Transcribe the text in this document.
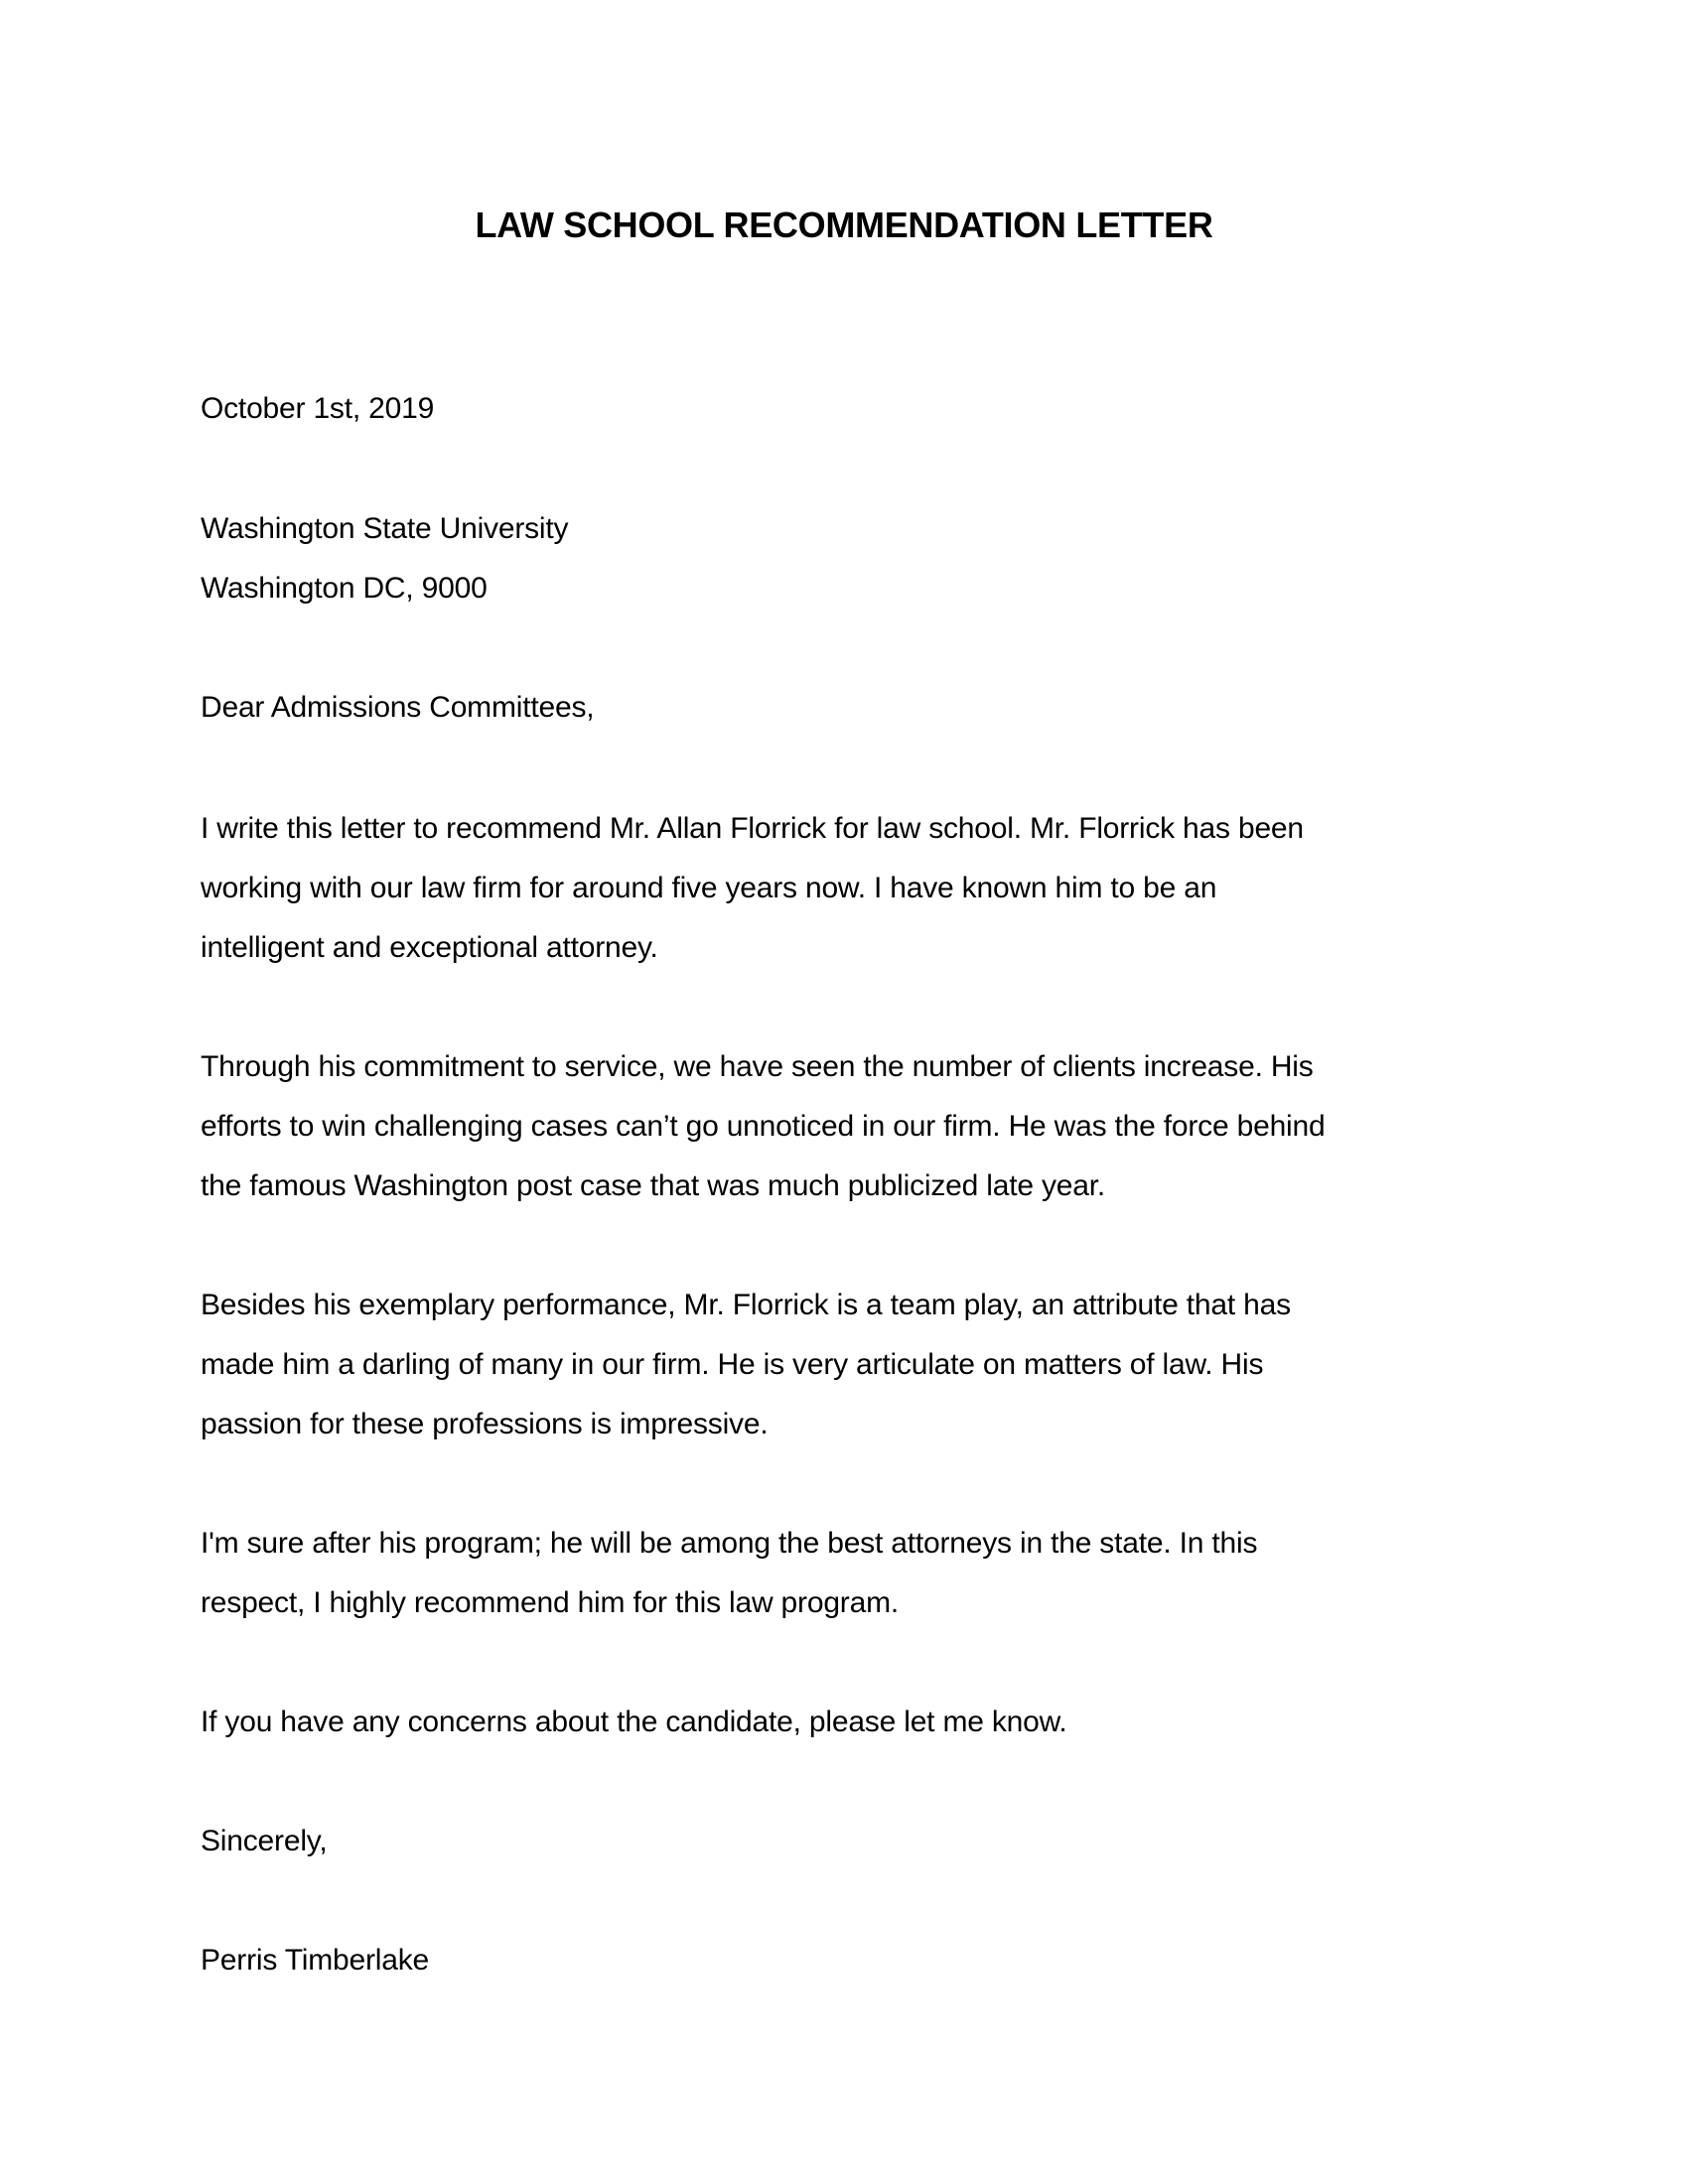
LAW SCHOOL RECOMMENDATION LETTER
October 1st, 2019
Washington State University
Washington DC, 9000
Dear Admissions Committees,
I write this letter to recommend Mr. Allan Florrick for law school. Mr. Florrick has been
working with our law firm for around five years now. I have known him to be an
intelligent and exceptional attorney.
Through his commitment to service, we have seen the number of clients increase. His
efforts to win challenging cases can’t go unnoticed in our firm. He was the force behind
the famous Washington post case that was much publicized late year.
Besides his exemplary performance, Mr. Florrick is a team play, an attribute that has
made him a darling of many in our firm. He is very articulate on matters of law. His
passion for these professions is impressive.
I'm sure after his program; he will be among the best attorneys in the state. In this
respect, I highly recommend him for this law program.
If you have any concerns about the candidate, please let me know.
Sincerely,
Perris Timberlake
